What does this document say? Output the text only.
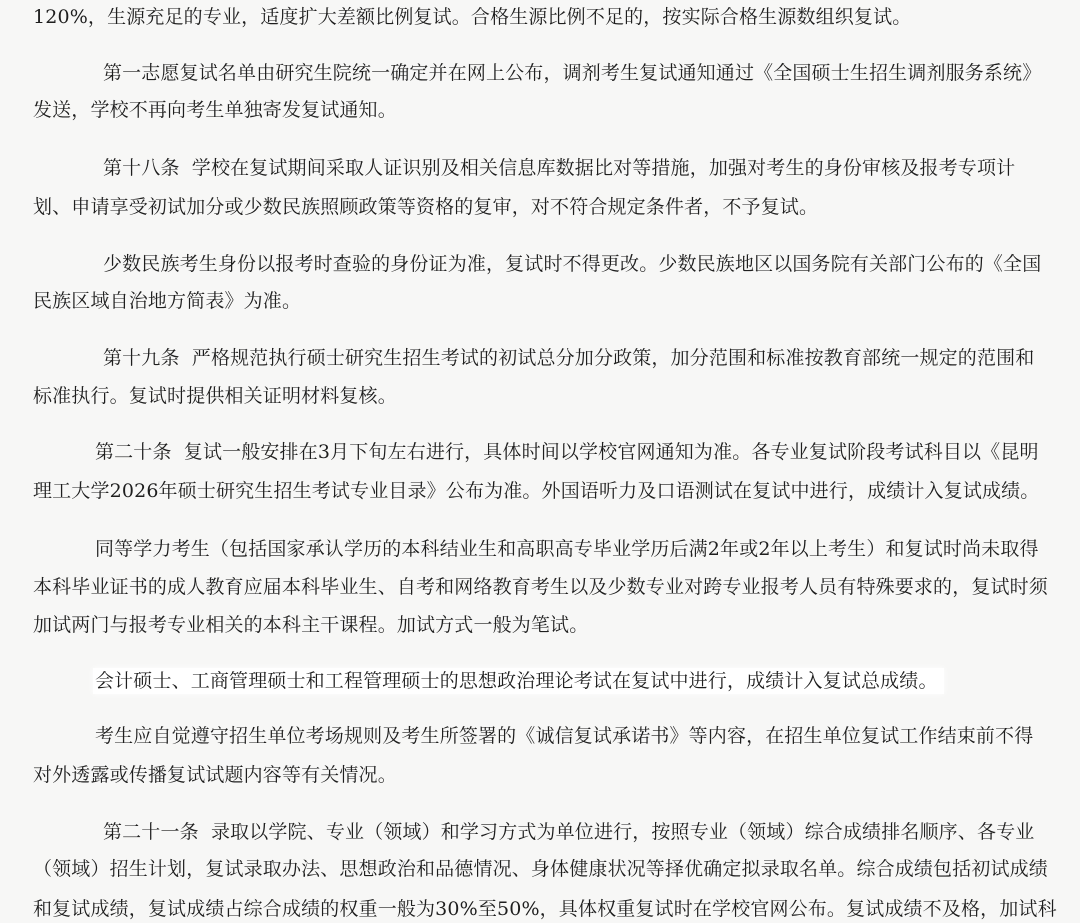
120%，生源充足的专业，适度扩大差额比例复试。合格生源比例不足的，按实际合格生源数组织复试。
第一志愿复试名单由研究生院统一确定并在网上公布，调剂考生复试通知通过《全国硕士生招生调剂服务系统》
发送，学校不再向考生单独寄发复试通知。
第十八条 学校在复试期间采取人证识别及相关信息库数据比对等措施，加强对考生的身份审核及报考专项计
划、申请享受初试加分或少数民族照顾政策等资格的复审，对不符合规定条件者，不予复试。
少数民族考生身份以报考时查验的身份证为准，复试时不得更改。少数民族地区以国务院有关部门公布的《全国
民族区域自治地方简表》为准。
第十九条 严格规范执行硕士研究生招生考试的初试总分加分政策，加分范围和标准按教育部统一规定的范围和
标准执行。复试时提供相关证明材料复核。
第二十条 复试一般安排在3月下旬左右进行，具体时间以学校官网通知为准。各专业复试阶段考试科目以《昆明
理工大学2026年硕士研究生招生考试专业目录》公布为准。外国语听力及口语测试在复试中进行，成绩计入复试成绩。
同等学力考生（包括国家承认学历的本科结业生和高职高专毕业学历后满2年或2年以上考生）和复试时尚未取得
本科毕业证书的成人教育应届本科毕业生、自考和网络教育考生以及少数专业对跨专业报考人员有特殊要求的，复试时须
加试两门与报考专业相关的本科主干课程。加试方式一般为笔试。
会计硕士、工商管理硕士和工程管理硕士的思想政治理论考试在复试中进行，成绩计入复试总成绩。
考生应自觉遵守招生单位考场规则及考生所签署的《诚信复试承诺书》等内容，在招生单位复试工作结束前不得
对外透露或传播复试试题内容等有关情况。
第二十一条 录取以学院、专业（领域）和学习方式为单位进行，按照专业（领域）综合成绩排名顺序、各专业
（领域）招生计划，复试录取办法、思想政治和品德情况、身体健康状况等择优确定拟录取名单。综合成绩包括初试成绩
和复试成绩，复试成绩占综合成绩的权重一般为30%至50%，具体权重复试时在学校官网公布。复试成绩不及格，加试科
